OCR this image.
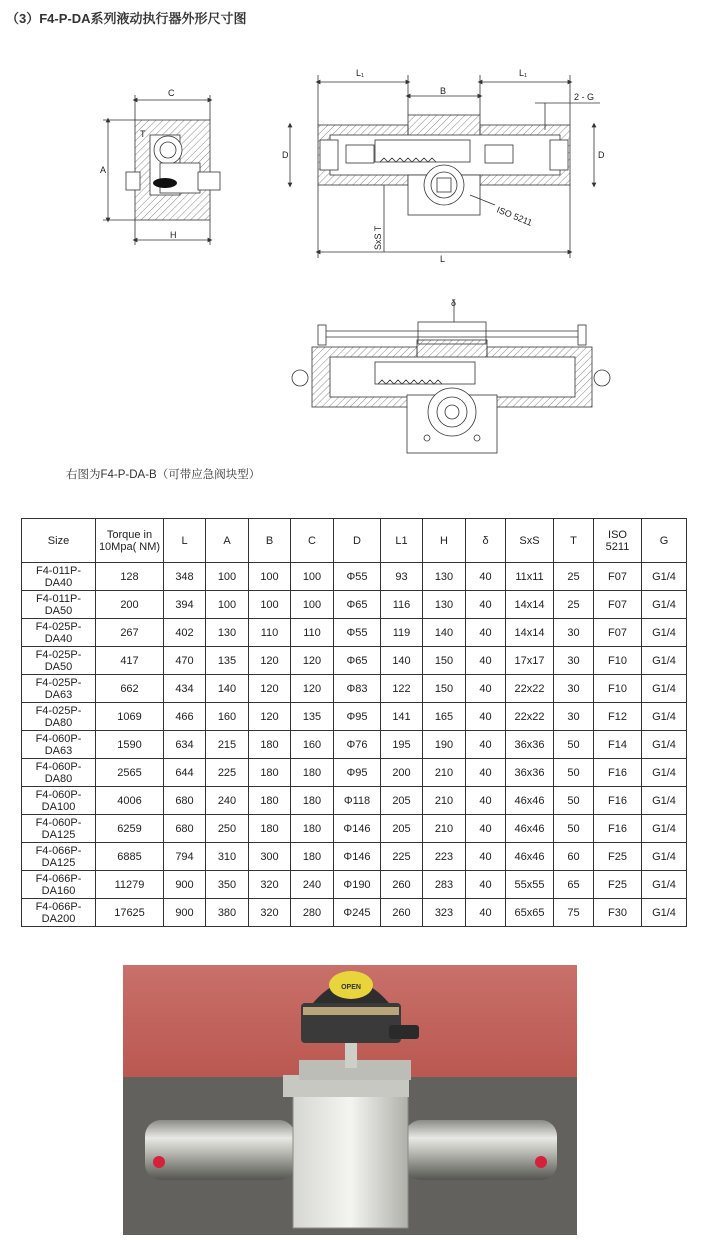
（3）F4-P-DA系列液动执行器外形尺寸图
C
A
H
T
L₁
B
L₁
2 - G
D	D
ISO 5211
SxS T
L
δ
右图为F4-P-DA-B（可带应急阀块型）
Size	Torque in 10Mpa( NM)	L	A	B	C	D	L1	H	δ	SxS	T	ISO 5211	G
F4-011P-DA40	128	348	100	100	100	Φ55	93	130	40	11x11	25	F07	G1/4
F4-011P-DA50	200	394	100	100	100	Φ65	116	130	40	14x14	25	F07	G1/4
F4-025P-DA40	267	402	130	110	110	Φ55	119	140	40	14x14	30	F07	G1/4
F4-025P-DA50	417	470	135	120	120	Φ65	140	150	40	17x17	30	F10	G1/4
F4-025P-DA63	662	434	140	120	120	Φ83	122	150	40	22x22	30	F10	G1/4
F4-025P-DA80	1069	466	160	120	135	Φ95	141	165	40	22x22	30	F12	G1/4
F4-060P-DA63	1590	634	215	180	160	Φ76	195	190	40	36x36	50	F14	G1/4
F4-060P-DA80	2565	644	225	180	180	Φ95	200	210	40	36x36	50	F16	G1/4
F4-060P-DA100	4006	680	240	180	180	Φ118	205	210	40	46x46	50	F16	G1/4
F4-060P-DA125	6259	680	250	180	180	Φ146	205	210	40	46x46	50	F16	G1/4
F4-066P-DA125	6885	794	310	300	180	Φ146	225	223	40	46x46	60	F25	G1/4
F4-066P-DA160	11279	900	350	320	240	Φ190	260	283	40	55x55	65	F25	G1/4
F4-066P-DA200	17625	900	380	320	280	Φ245	260	323	40	65x65	75	F30	G1/4
OPEN
